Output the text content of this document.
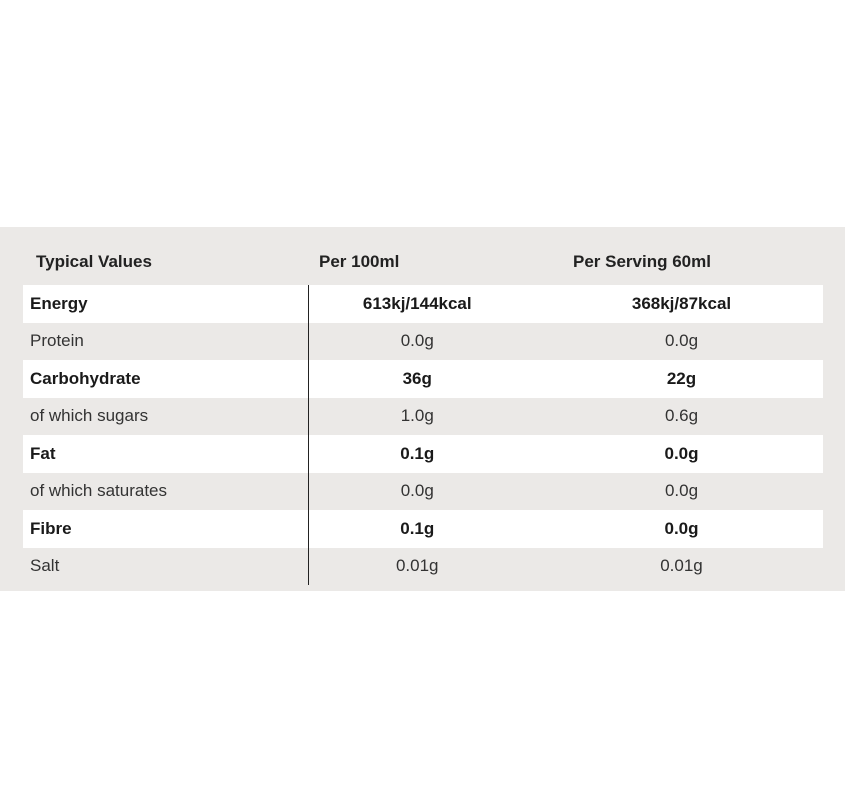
Typical Values	Per 100ml	Per Serving 60ml
Energy	613kj/144kcal	368kj/87kcal
Protein	0.0g	0.0g
Carbohydrate	36g	22g
of which sugars	1.0g	0.6g
Fat	0.1g	0.0g
of which saturates	0.0g	0.0g
Fibre	0.1g	0.0g
Salt	0.01g	0.01g
